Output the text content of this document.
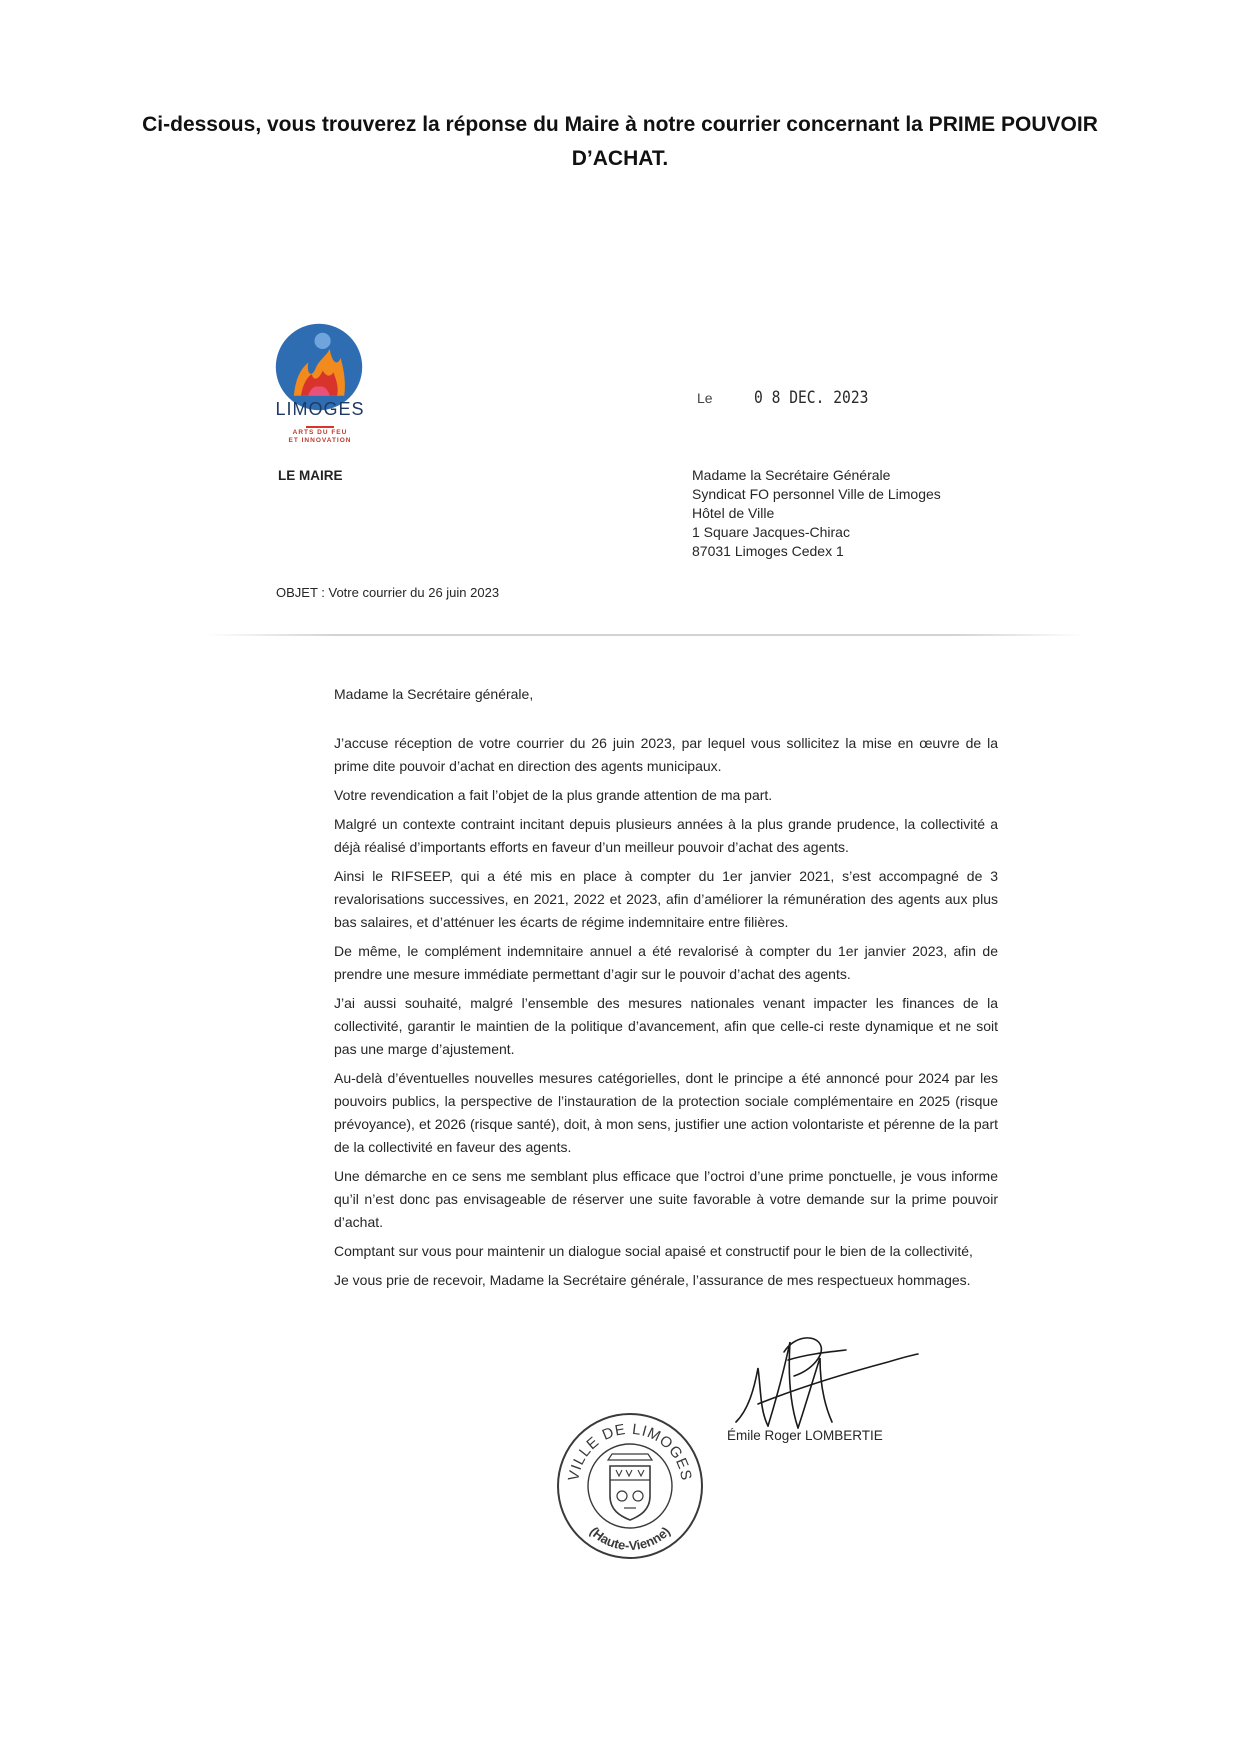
Ci-dessous, vous trouverez la réponse du Maire à notre courrier concernant la PRIME POUVOIR D’ACHAT.
LIMOGES
ARTS DU FEU
ET INNOVATION
LE MAIRE
Le 0 8 DEC. 2023
Madame la Secrétaire Générale
Syndicat FO personnel Ville de Limoges
Hôtel de Ville
1 Square Jacques-Chirac
87031 Limoges Cedex 1
OBJET : Votre courrier du 26 juin 2023

Madame la Secrétaire générale,

J’accuse réception de votre courrier du 26 juin 2023, par lequel vous sollicitez la mise en œuvre de la prime dite pouvoir d’achat en direction des agents municipaux.

Votre revendication a fait l’objet de la plus grande attention de ma part.

Malgré un contexte contraint incitant depuis plusieurs années à la plus grande prudence, la collectivité a déjà réalisé d’importants efforts en faveur d’un meilleur pouvoir d’achat des agents.

Ainsi le RIFSEEP, qui a été mis en place à compter du 1er janvier 2021, s’est accompagné de 3 revalorisations successives, en 2021, 2022 et 2023, afin d’améliorer la rémunération des agents aux plus bas salaires, et d’atténuer les écarts de régime indemnitaire entre filières.

De même, le complément indemnitaire annuel a été revalorisé à compter du 1er janvier 2023, afin de prendre une mesure immédiate permettant d’agir sur le pouvoir d’achat des agents.

J’ai aussi souhaité, malgré l’ensemble des mesures nationales venant impacter les finances de la collectivité, garantir le maintien de la politique d’avancement, afin que celle-ci reste dynamique et ne soit pas une marge d’ajustement.

Au-delà d’éventuelles nouvelles mesures catégorielles, dont le principe a été annoncé pour 2024 par les pouvoirs publics, la perspective de l’instauration de la protection sociale complémentaire en 2025 (risque prévoyance), et 2026 (risque santé), doit, à mon sens, justifier une action volontariste et pérenne de la part de la collectivité en faveur des agents.

Une démarche en ce sens me semblant plus efficace que l’octroi d’une prime ponctuelle, je vous informe qu’il n’est donc pas envisageable de réserver une suite favorable à votre demande sur la prime pouvoir d’achat.

Comptant sur vous pour maintenir un dialogue social apaisé et constructif pour le bien de la collectivité,

Je vous prie de recevoir, Madame la Secrétaire générale, l’assurance de mes respectueux hommages.

Émile Roger LOMBERTIE
VILLE DE LIMOGES
(Haute-Vienne)
